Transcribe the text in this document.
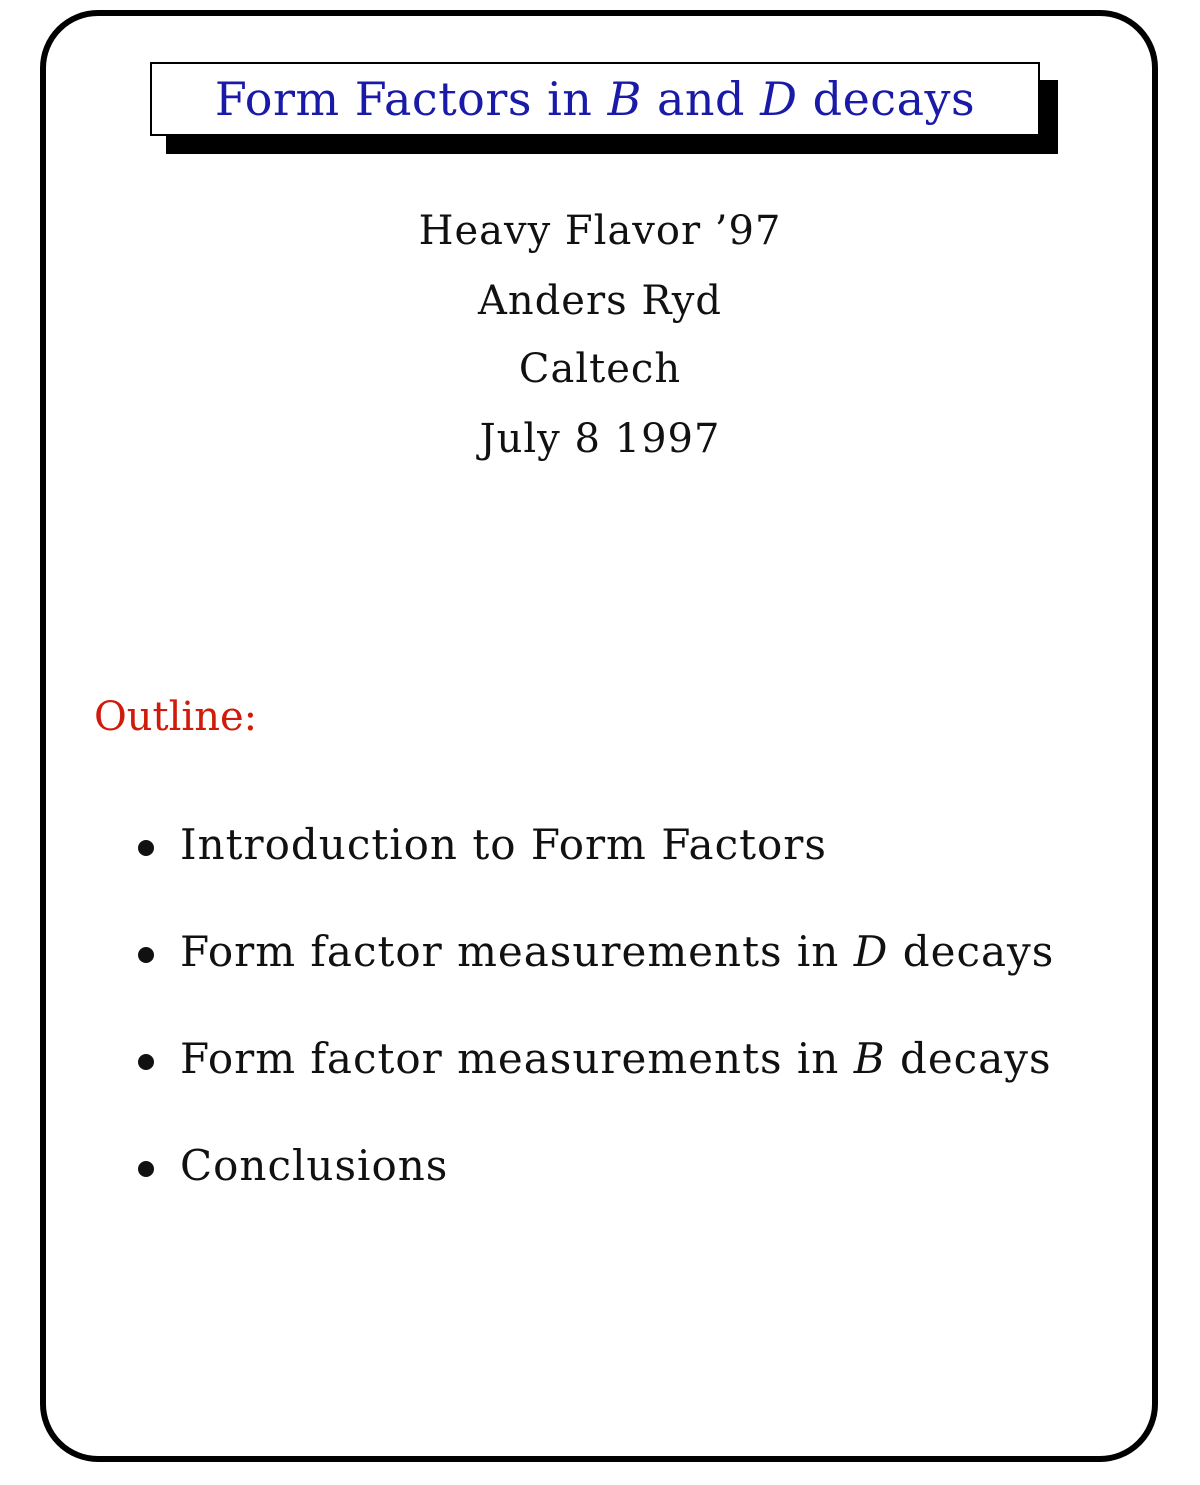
Form Factors in B and D decays
Heavy Flavor ’97
Anders Ryd
Caltech
July 8 1997
Outline:
Introduction to Form Factors
Form factor measurements in D decays
Form factor measurements in B decays
Conclusions
